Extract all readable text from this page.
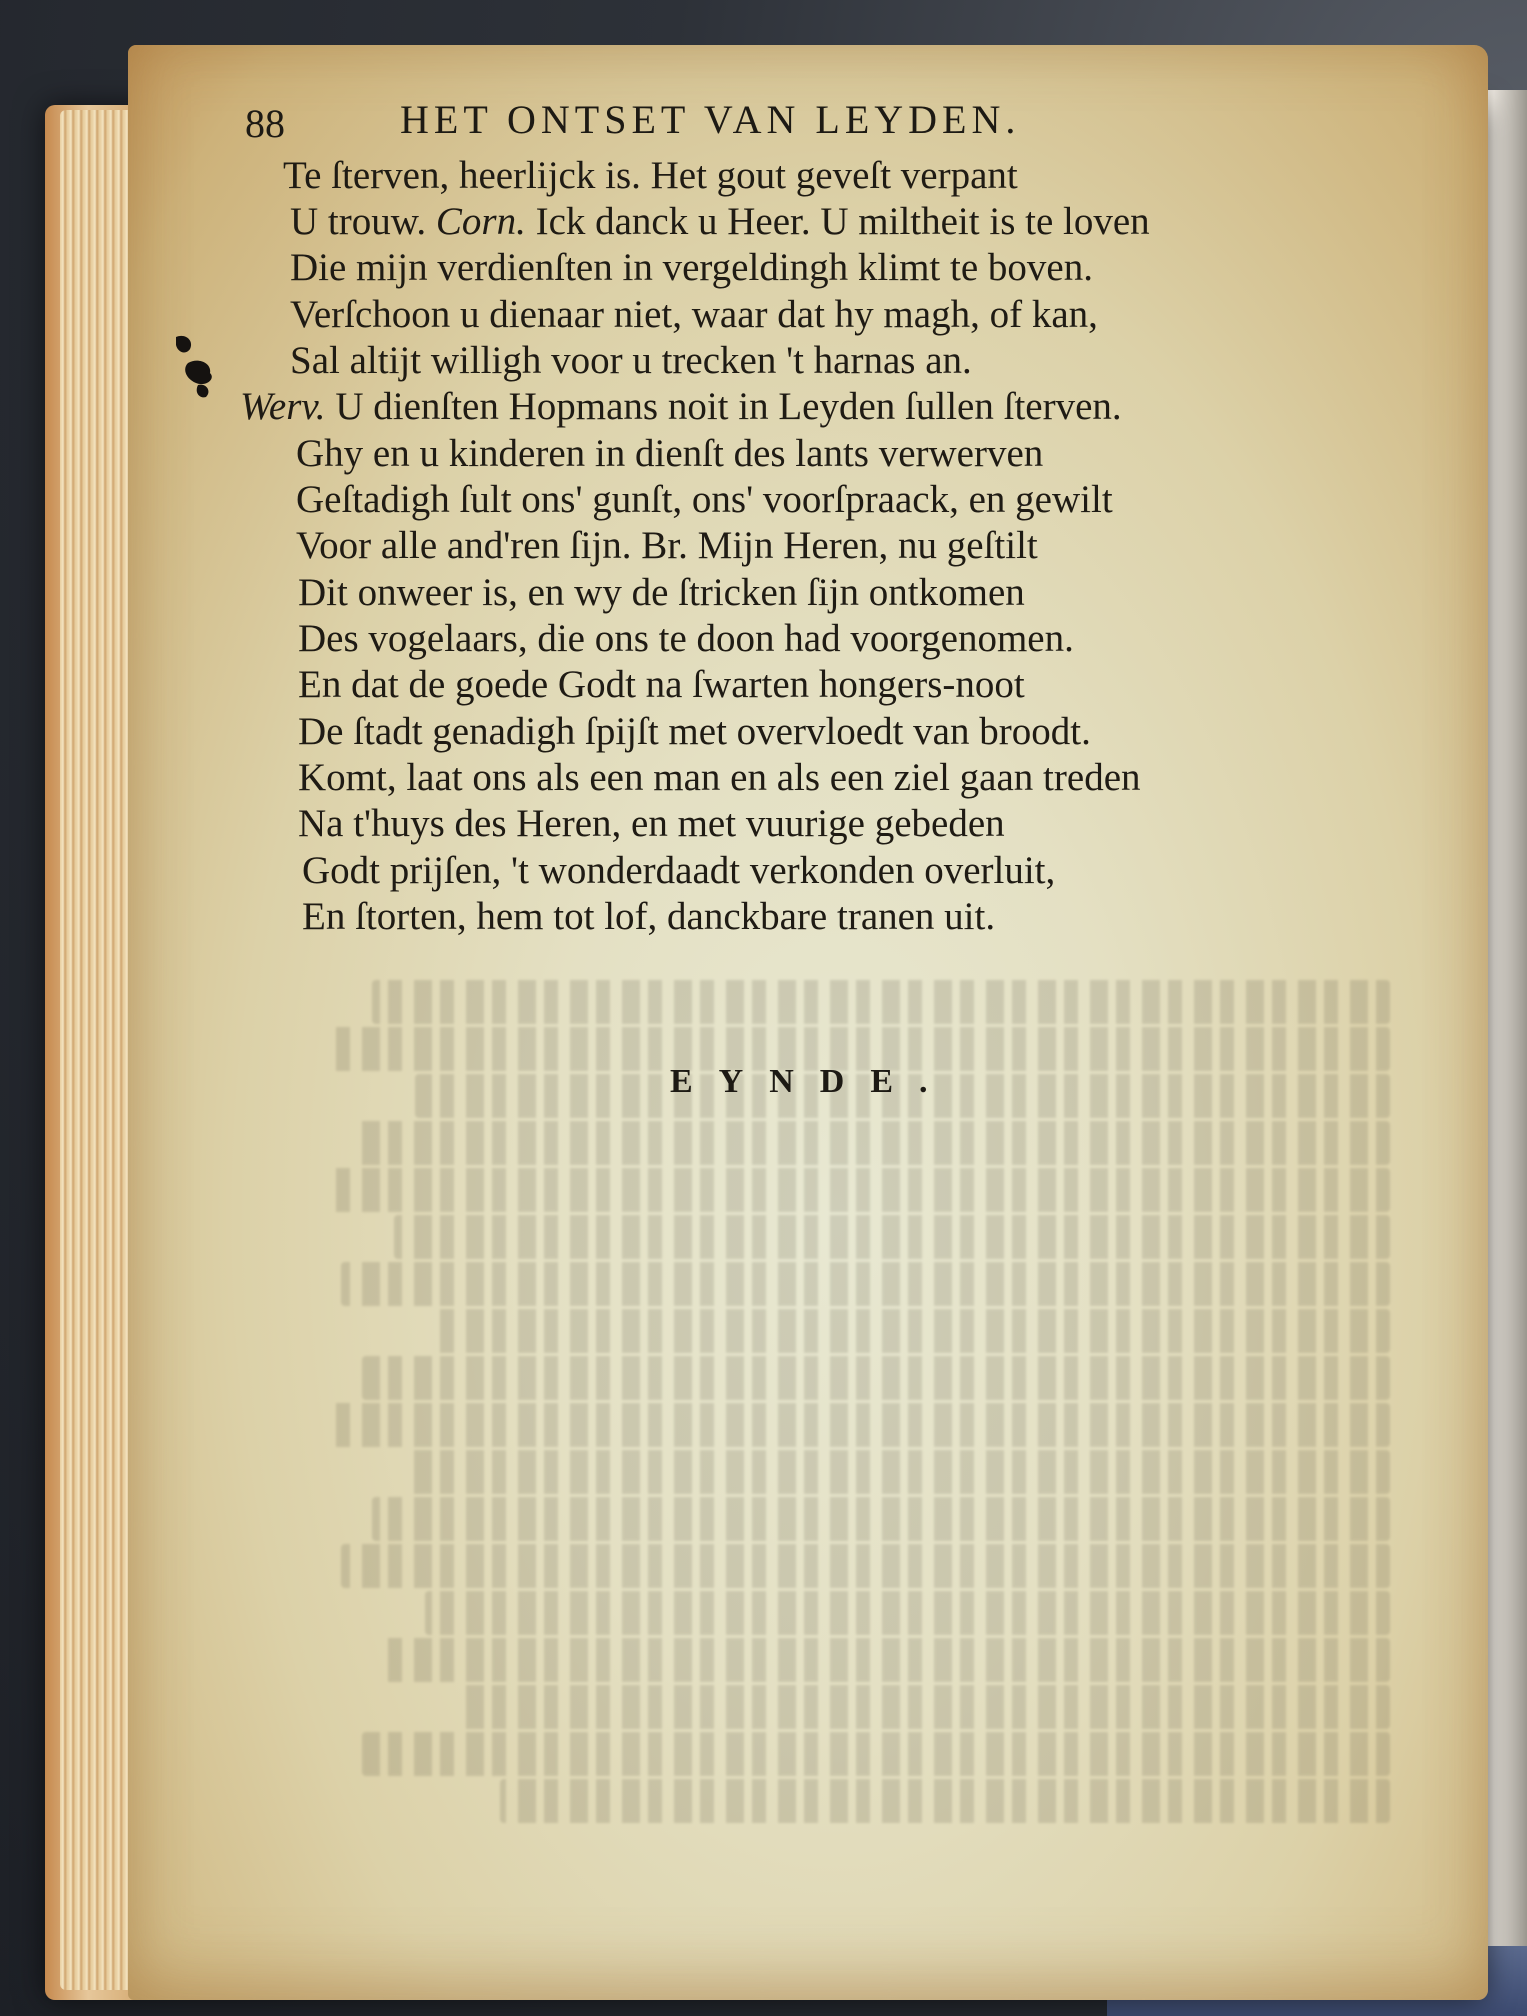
88	HET ONTSET VAN LEYDEN.
Te ſterven, heerlijck is. Het gout geveſt verpant
U trouw. Corn. Ick danck u Heer. U miltheit is te loven
Die mijn verdienſten in vergeldingh klimt te boven.
Verſchoon u dienaar niet, waar dat hy magh, of kan,
Sal altijt willigh voor u trecken 't harnas an.
Werv. U dienſten Hopmans noit in Leyden ſullen ſterven.
Ghy en u kinderen in dienſt des lants verwerven
Geſtadigh ſult ons' gunſt, ons' voorſpraack, en gewilt
Voor alle and'ren ſijn. Br. Mijn Heren, nu geſtilt
Dit onweer is, en wy de ſtricken ſijn ontkomen
Des vogelaars, die ons te doon had voorgenomen.
En dat de goede Godt na ſwarten hongers-noot
De ſtadt genadigh ſpijſt met overvloedt van broodt.
Komt, laat ons als een man en als een ziel gaan treden
Na t'huys des Heren, en met vuurige gebeden
Godt prijſen, 't wonderdaadt verkonden overluit,
En ſtorten, hem tot lof, danckbare tranen uit.
EYNDE.
